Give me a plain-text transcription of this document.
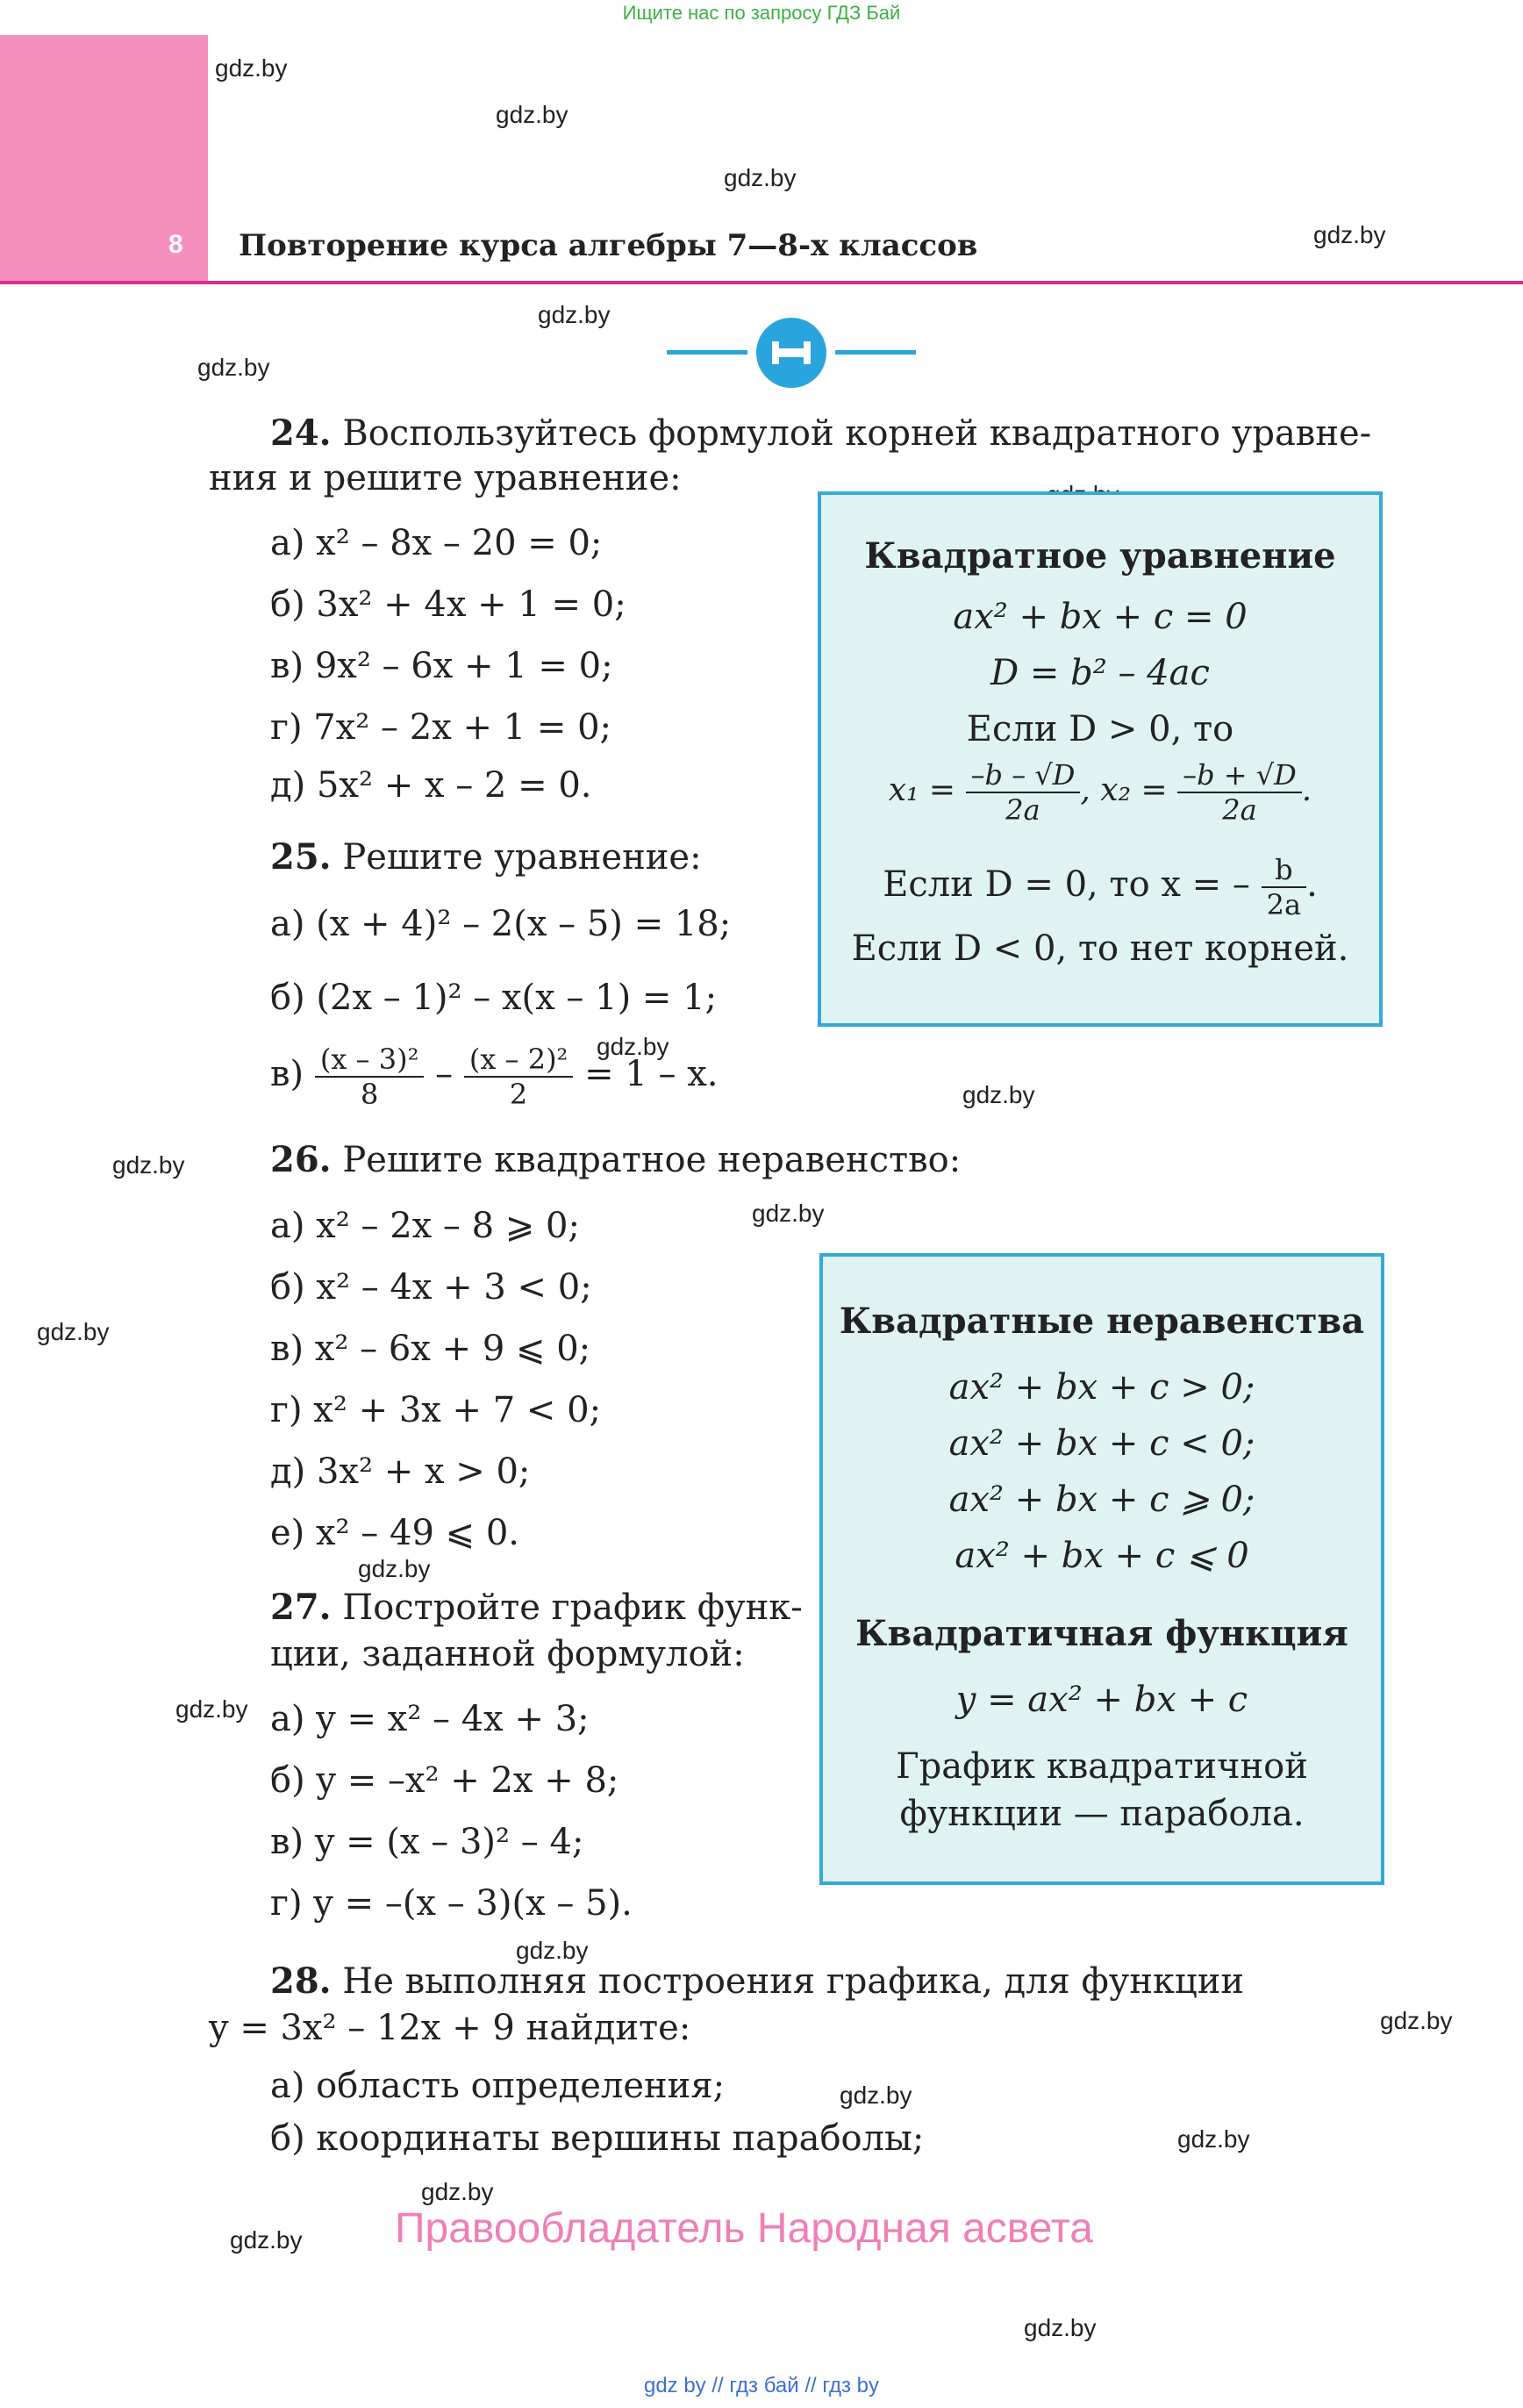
Ищите нас по запросу ГДЗ Бай
8 Повторение курса алгебры 7—8-х классов
gdz.by
gdz.by
gdz.by
gdz.by
gdz.by
gdz.by
gdz.by
gdz.by
gdz.by
gdz.by
gdz.by
gdz.by
gdz.by
gdz.by
gdz.by
gdz.by
gdz.by
gdz.by
gdz.by
gdz.by
24. Воспользуйтесь формулой корней квадратного уравне-
ния и решите уравнение:
а) x² – 8x – 20 = 0;
б) 3x² + 4x + 1 = 0;
в) 9x² – 6x + 1 = 0;
г) 7x² – 2x + 1 = 0;
д) 5x² + x – 2 = 0.
25. Решите уравнение:
а) (x + 4)² – 2(x – 5) = 18;
б) (2x – 1)² – x(x – 1) = 1;
$в) \frac{\text{(x – 3)²}}{8} - \frac{\text{(x – 2)²}}{2} = 1 - x$.
26. Решите квадратное неравенство:
а) x² – 2x – 8 ⩾ 0;
б) x² – 4x + 3 < 0;
в) x² – 6x + 9 ⩽ 0;
г) x² + 3x + 7 < 0;
д) 3x² + x > 0;
е) x² – 49 ⩽ 0.
27. Постройте график функ-
ции, заданной формулой:
а) y = x² – 4x + 3;
б) y = –x² + 2x + 8;
в) y = (x – 3)² – 4;
г) y = –(x – 3)(x – 5).
28. Не выполняя построения графика, для функции
y = 3x² – 12x + 9 найдите:
а) область определения;
б) координаты вершины параболы;
Квадратное уравнение
ax² + bx + c = 0
D = b² – 4ac
Если D > 0, то
$x_1 = \frac{-b - √D}{2a}$ , $x_2 = \frac{-b + √D}{2a}$ .
Если D = 0, то x = – $\frac{b}{2a}$ .
Если D < 0, то нет корней.
Квадратные неравенства
ax² + bx + c > 0;
ax² + bx + c < 0;
ax² + bx + c ⩾ 0;
ax² + bx + c ⩽ 0
Квадратичная функция
y = ax² + bx + c
График квадратичной
функции — парабола.
Правообладатель Народная асвета
gdz by // гдз бай // гдз by
